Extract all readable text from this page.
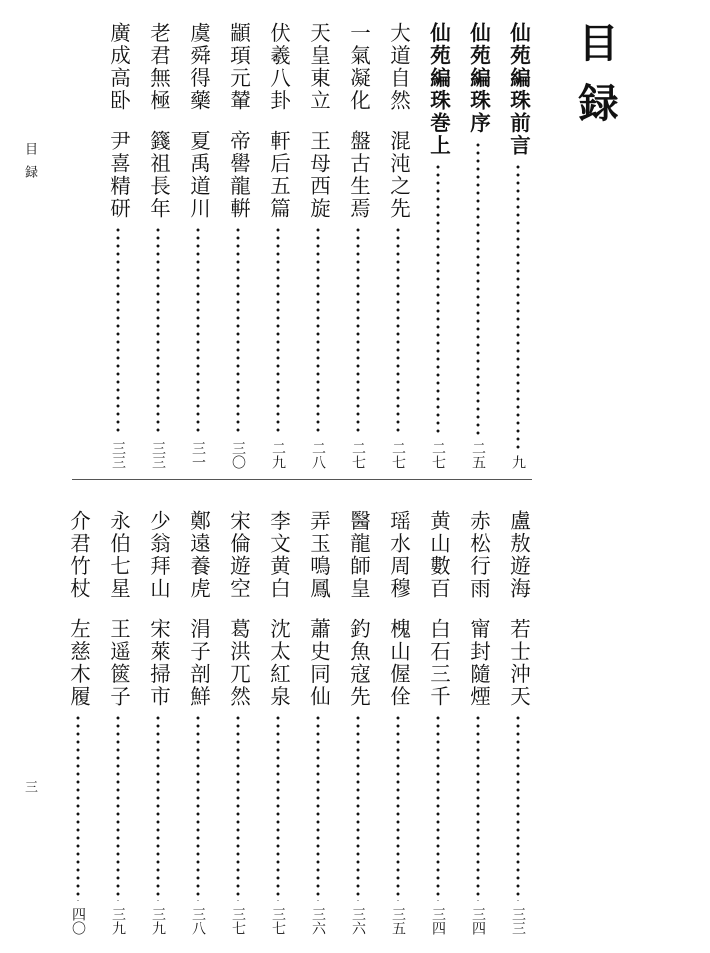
目録
目録
三
仙苑編珠前言
九
仙苑編珠序
二五
仙苑編珠巻上
二七
大道自然
混沌之先
二七
一氣凝化
盤古生焉
二七
天皇東立
王母西旋
二八
伏羲八卦
軒后五篇
二九
顓頊元輦
帝嚳龍輧
三〇
虞舜得藥
夏禹道川
三一
老君無極
籛祖長年
三三
廣成高卧
尹喜精研
三三
盧敖遊海
若士沖天
三三
赤松行雨
甯封隨煙
三四
黄山數百
白石三千
三四
瑶水周穆
槐山偓佺
三五
醫龍師皇
釣魚寇先
三六
弄玉鳴鳳
蕭史同仙
三六
李文黄白
沈太紅泉
三七
宋倫遊空
葛洪兀然
三七
鄭遠養虎
涓子剖鮮
三八
少翁拜山
宋萊掃市
三九
永伯七星
王遥篋子
三九
介君竹杖
左慈木履
四〇
